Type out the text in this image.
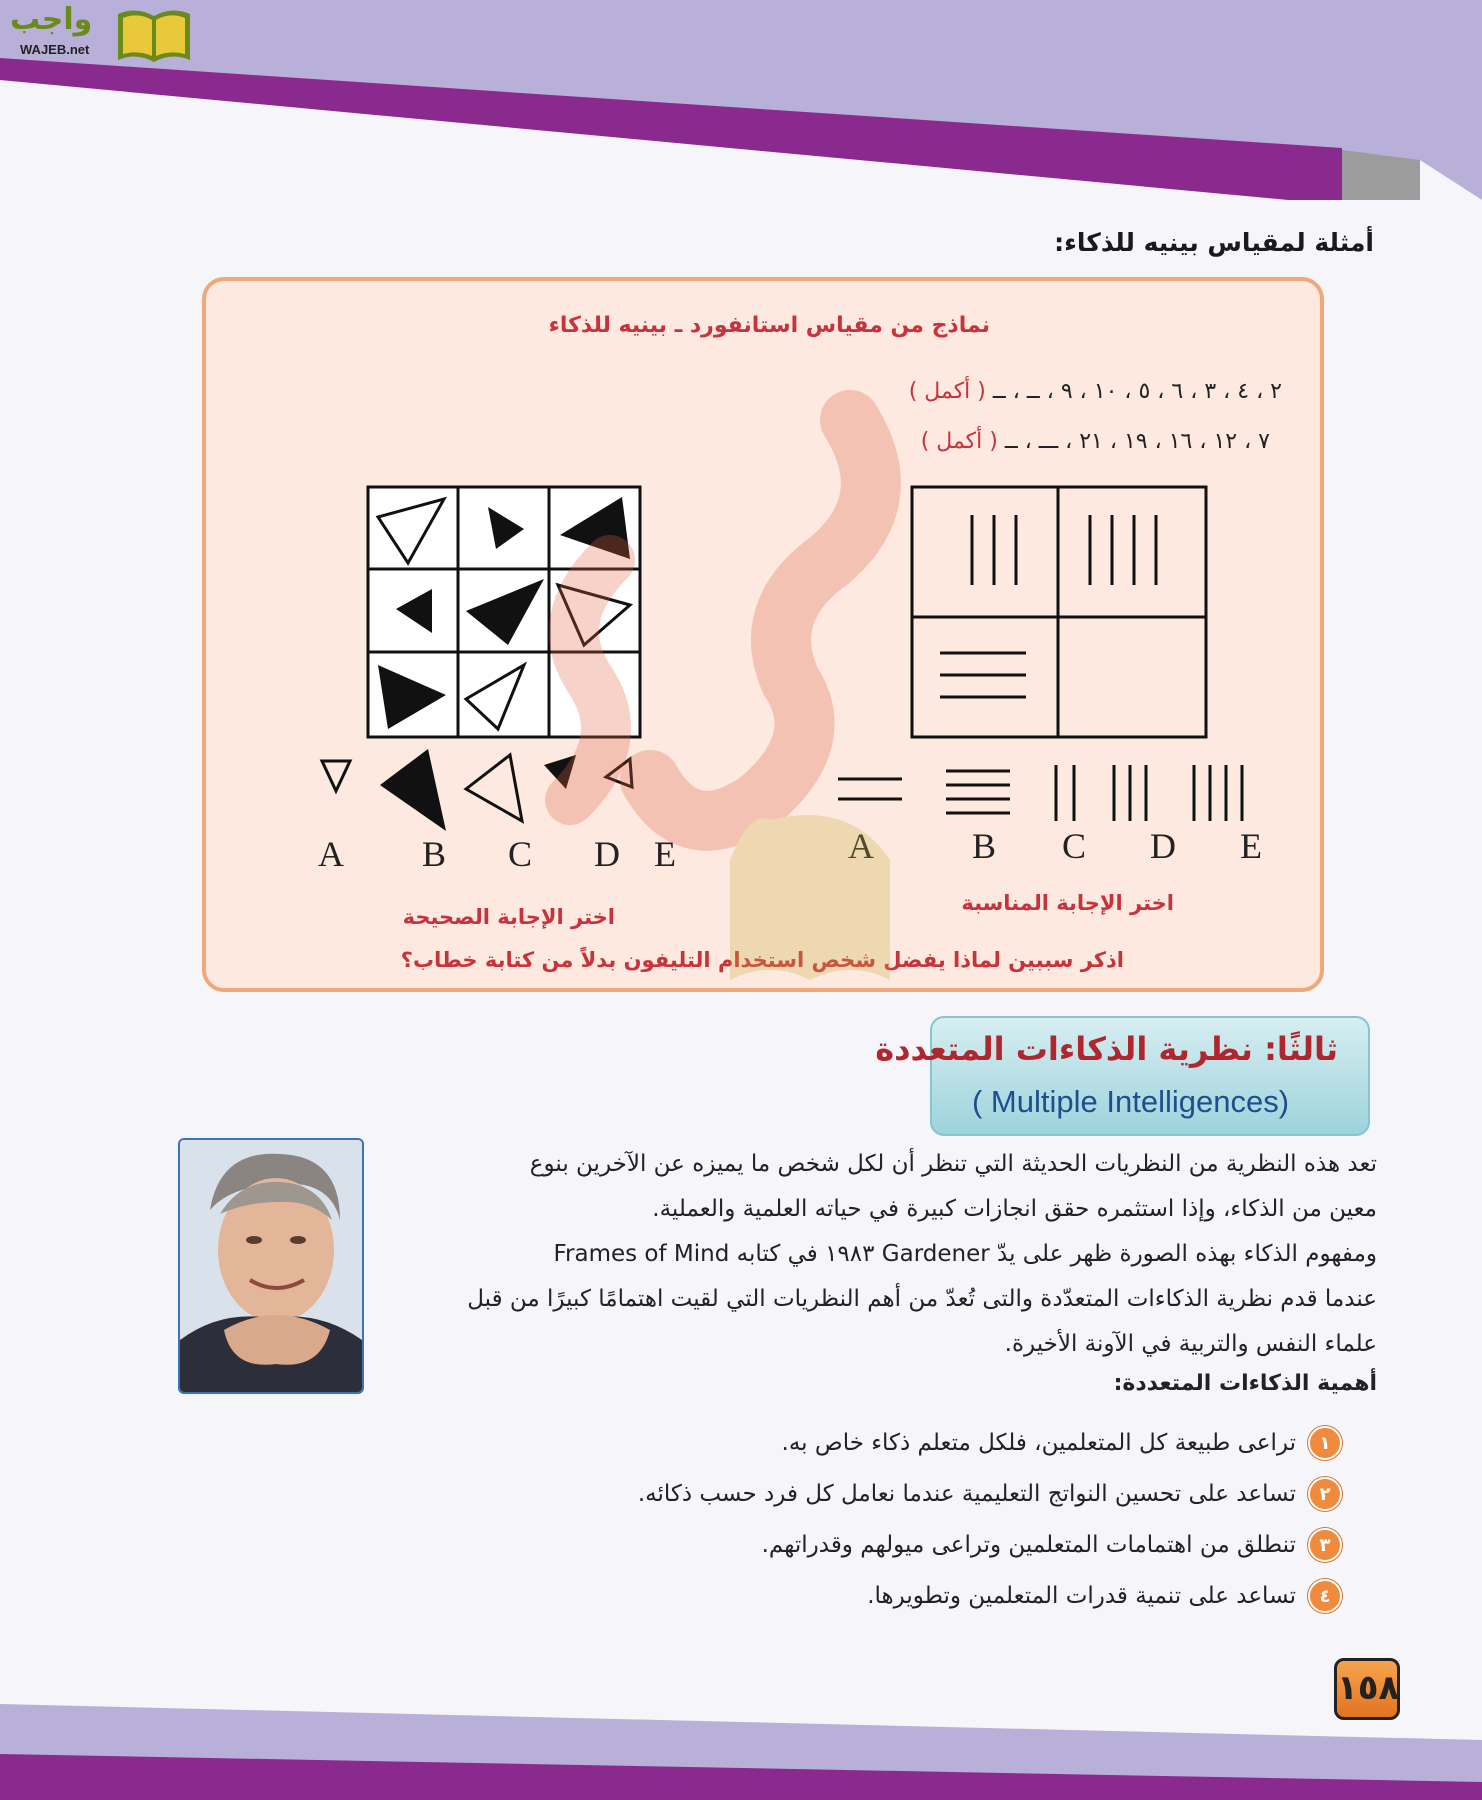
واجب
WAJEB.net
أمثلة لمقياس بينيه للذكاء:
نماذج من مقياس استانفورد ـ بينيه للذكاء
٢ ، ٤ ، ٣ ، ٦ ، ٥ ، ١٠ ، ٩ ، ــ ، ــ ( أكمل )
٧ ، ١٢ ، ١٦ ، ١٩ ، ٢١ ، ـــ ، ــ ( أكمل )
A B C D E	A	B C D E
اختر الإجابة المناسبة
اختر الإجابة الصحيحة
اذكر سببين لماذا يفضل شخص استخدام التليفون بدلاً من كتابة خطاب؟
ثالثًا: نظرية الذكاءات المتعددة
( Multiple Intelligences)
تعد هذه النظرية من النظريات الحديثة التي تنظر أن لكل شخص ما يميزه عن الآخرين بنوع
معين من الذكاء، وإذا استثمره حقق انجازات كبيرة في حياته العلمية والعملية.
ومفهوم الذكاء بهذه الصورة ظهر على يدّ Gardener ١٩٨٣ في كتابه Frames of Mind
عندما قدم نظرية الذكاءات المتعدّدة والتى تُعدّ من أهم النظريات التي لقيت اهتمامًا كبيرًا من قبل
علماء النفس والتربية في الآونة الأخيرة.
أهمية الذكاءات المتعددة:
١
تراعى طبيعة كل المتعلمين، فلكل متعلم ذكاء خاص به.
٢
تساعد على تحسين النواتج التعليمية عندما نعامل كل فرد حسب ذكائه.
٣
تنطلق من اهتمامات المتعلمين وتراعى ميولهم وقدراتهم.
٤
تساعد على تنمية قدرات المتعلمين وتطويرها.
١٥٨
